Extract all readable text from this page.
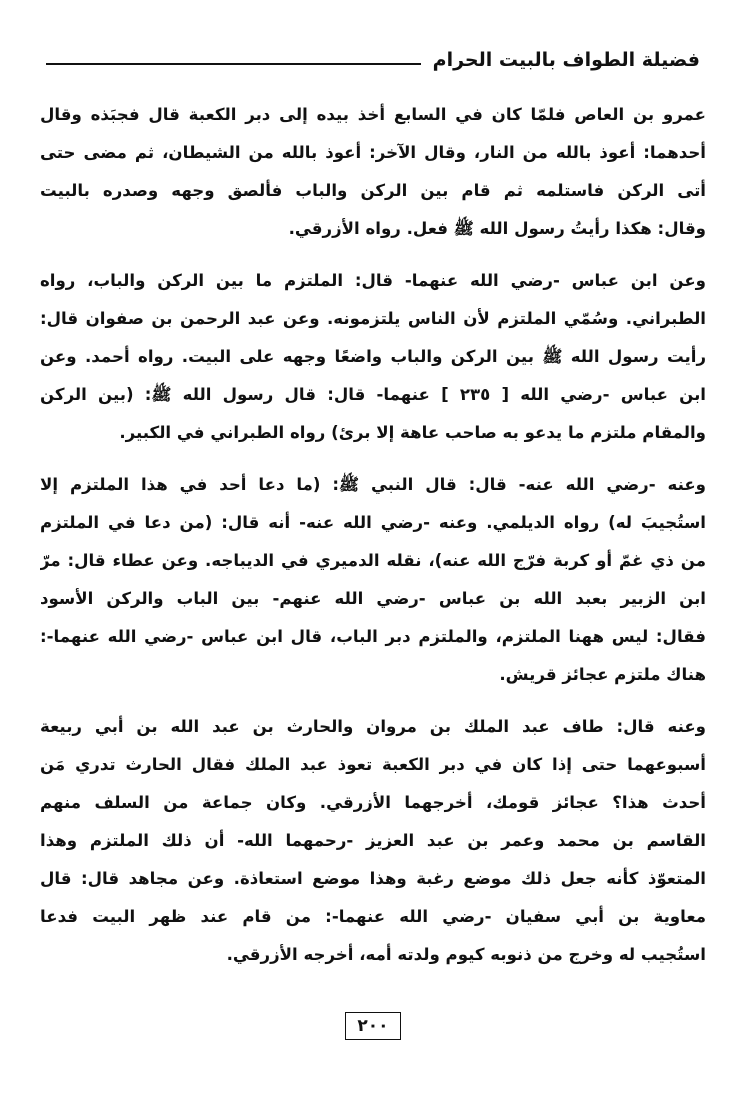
فضيلة الطواف بالبيت الحرام
عمرو بن العاص فلمّا كان في السابع أخذ بيده إلى دبر الكعبة قال فجبَذه وقال
أحدهما: أعوذ بالله من النار، وقال الآخر: أعوذ بالله من الشيطان، ثم مضى حتى
أتى الركن فاستلمه ثم قام بين الركن والباب فألصق وجهه وصدره بالبيت
وقال: هكذا رأيتُ رسول الله ﷺ فعل. رواه الأزرقي.
وعن ابن عباس -رضي الله عنهما- قال: الملتزم ما بين الركن والباب، رواه
الطبراني. وسُمّي الملتزم لأن الناس يلتزمونه. وعن عبد الرحمن بن صفوان قال:
رأيت رسول الله ﷺ بين الركن والباب واضعًا وجهه على البيت. رواه أحمد. وعن
ابن عباس -رضي الله [ ٢٣٥ ] عنهما- قال: قال رسول الله ﷺ: (بين الركن
والمقام ملتزم ما يدعو به صاحب عاهة إلا برئ) رواه الطبراني في الكبير.
وعنه -رضي الله عنه- قال: قال النبي ﷺ: (ما دعا أحد في هذا الملتزم إلا
استُجيبَ له) رواه الديلمي. وعنه -رضي الله عنه- أنه قال: (من دعا في الملتزم
من ذي غمّ أو كربة فرّج الله عنه)، نقله الدميري في الديباجه. وعن عطاء قال: مرّ
ابن الزبير بعبد الله بن عباس -رضي الله عنهم- بين الباب والركن الأسود
فقال: ليس ههنا الملتزم، والملتزم دبر الباب، قال ابن عباس -رضي الله عنهما-:
هناك ملتزم عجائز قريش.
وعنه قال: طاف عبد الملك بن مروان والحارث بن عبد الله بن أبي ربيعة
أسبوعهما حتى إذا كان في دبر الكعبة تعوذ عبد الملك فقال الحارث تدري مَن
أحدث هذا؟ عجائز قومك، أخرجهما الأزرقي. وكان جماعة من السلف منهم
القاسم بن محمد وعمر بن عبد العزيز -رحمهما الله- أن ذلك الملتزم وهذا
المتعوّذ كأنه جعل ذلك موضع رغبة وهذا موضع استعاذة. وعن مجاهد قال: قال
معاوية بن أبي سفيان -رضي الله عنهما-: من قام عند ظهر البيت فدعا
استُجيب له وخرج من ذنوبه كيوم ولدته أمه، أخرجه الأزرقي.
٢٠٠
